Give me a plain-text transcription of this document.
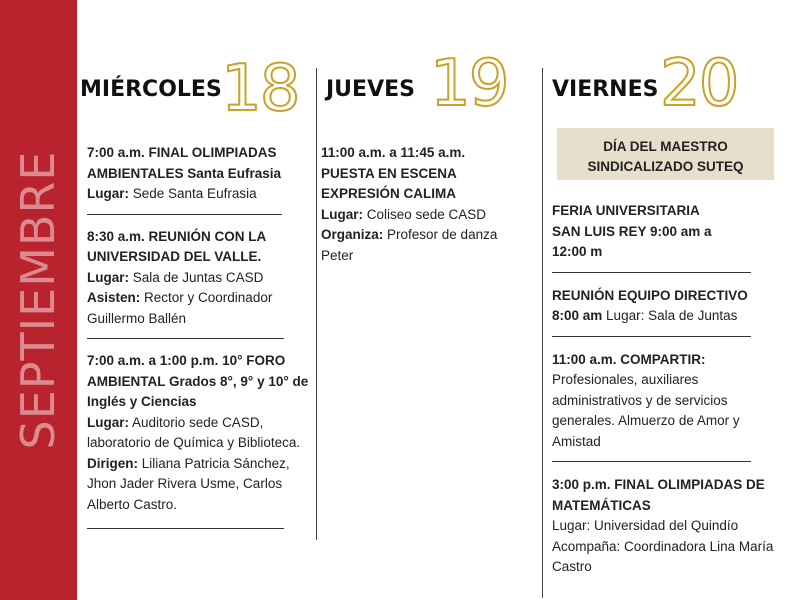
SEPTIEMBRE
MIÉRCOLES 18 JUEVES 19 VIERNES 20
7:00 a.m. FINAL OLIMPIADAS AMBIENTALES Santa Eufrasia
Lugar: Sede Santa Eufrasia
8:30 a.m. REUNIÓN CON LA UNIVERSIDAD DEL VALLE.
Lugar: Sala de Juntas CASD
Asisten: Rector y Coordinador Guillermo Ballén
7:00 a.m. a 1:00 p.m. 10° FORO AMBIENTAL Grados 8°, 9° y 10° de Inglés y Ciencias
Lugar: Auditorio sede CASD, laboratorio de Química y Biblioteca.
Dirigen: Liliana Patricia Sánchez, Jhon Jader Rivera Usme, Carlos Alberto Castro.
11:00 a.m. a 11:45 a.m. PUESTA EN ESCENA EXPRESIÓN CALIMA
Lugar: Coliseo sede CASD
Organiza: Profesor de danza Peter
DÍA DEL MAESTRO SINDICALIZADO SUTEQ
FERIA UNIVERSITARIA SAN LUIS REY 9:00 am a 12:00 m
REUNIÓN EQUIPO DIRECTIVO
8:00 am Lugar: Sala de Juntas
11:00 a.m. COMPARTIR:
Profesionales, auxiliares administrativos y de servicios generales. Almuerzo de Amor y Amistad
3:00 p.m. FINAL OLIMPIADAS DE MATEMÁTICAS
Lugar: Universidad del Quindío Acompaña: Coordinadora Lina María Castro
